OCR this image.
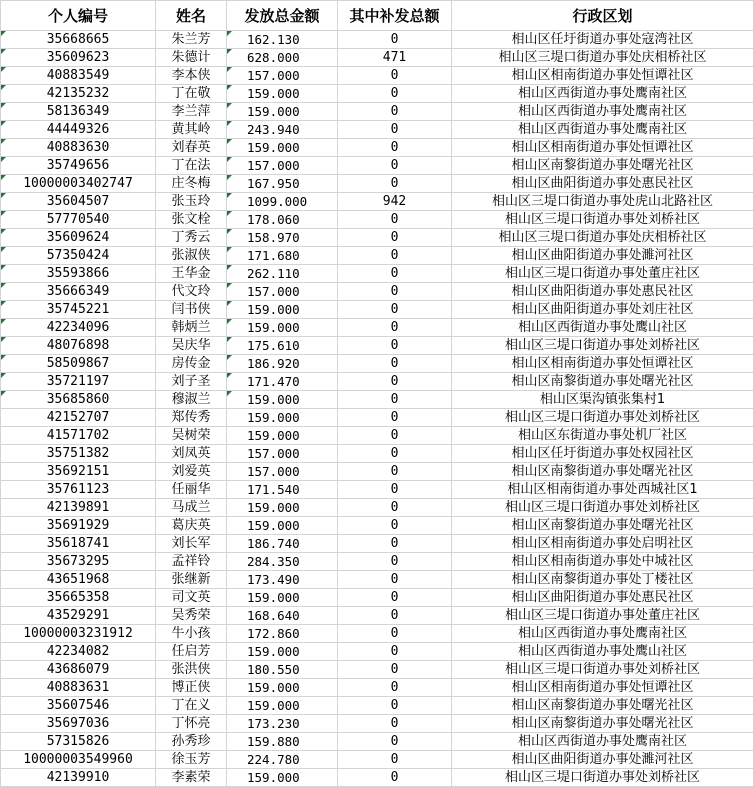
个人编号	姓名	发放总金额	其中补发总额	行政区划
35668665	朱兰芳	162.130	0	相山区任圩街道办事处寇湾社区
35609623	朱德计	628.000	471	相山区三堤口街道办事处庆相桥社区
40883549	李本侠	157.000	0	相山区相南街道办事处恒谭社区
42135232	丁在敬	159.000	0	相山区西街道办事处鹰南社区
58136349	李兰萍	159.000	0	相山区西街道办事处鹰南社区
44449326	黄其岭	243.940	0	相山区西街道办事处鹰南社区
40883630	刘春英	159.000	0	相山区相南街道办事处恒谭社区
35749656	丁在法	157.000	0	相山区南黎街道办事处曙光社区
10000003402747	庄冬梅	167.950	0	相山区曲阳街道办事处惠民社区
35604507	张玉玲	1099.000	942	相山区三堤口街道办事处虎山北路社区
57770540	张文栓	178.060	0	相山区三堤口街道办事处刘桥社区
35609624	丁秀云	158.970	0	相山区三堤口街道办事处庆相桥社区
57350424	张淑侠	171.680	0	相山区曲阳街道办事处濉河社区
35593866	王华金	262.110	0	相山区三堤口街道办事处董庄社区
35666349	代文玲	157.000	0	相山区曲阳街道办事处惠民社区
35745221	闫书侠	159.000	0	相山区曲阳街道办事处刘庄社区
42234096	韩炳兰	159.000	0	相山区西街道办事处鹰山社区
48076898	吴庆华	175.610	0	相山区三堤口街道办事处刘桥社区
58509867	房传金	186.920	0	相山区相南街道办事处恒谭社区
35721197	刘子圣	171.470	0	相山区南黎街道办事处曙光社区
35685860	穆淑兰	159.000	0	相山区渠沟镇张集村1
42152707	郑传秀	159.000	0	相山区三堤口街道办事处刘桥社区
41571702	吴树荣	159.000	0	相山区东街道办事处机厂社区
35751382	刘凤英	157.000	0	相山区任圩街道办事处权园社区
35692151	刘爱英	157.000	0	相山区南黎街道办事处曙光社区
35761123	任丽华	171.540	0	相山区相南街道办事处西城社区1
42139891	马成兰	159.000	0	相山区三堤口街道办事处刘桥社区
35691929	葛庆英	159.000	0	相山区南黎街道办事处曙光社区
35618741	刘长军	186.740	0	相山区相南街道办事处启明社区
35673295	孟祥铃	284.350	0	相山区相南街道办事处中城社区
43651968	张继新	173.490	0	相山区南黎街道办事处丁楼社区
35665358	司文英	159.000	0	相山区曲阳街道办事处惠民社区
43529291	吴秀荣	168.640	0	相山区三堤口街道办事处董庄社区
10000003231912	牛小孩	172.860	0	相山区西街道办事处鹰南社区
42234082	任启芳	159.000	0	相山区西街道办事处鹰山社区
43686079	张洪侠	180.550	0	相山区三堤口街道办事处刘桥社区
40883631	博正侠	159.000	0	相山区相南街道办事处恒谭社区
35607546	丁在义	159.000	0	相山区南黎街道办事处曙光社区
35697036	丁怀亮	173.230	0	相山区南黎街道办事处曙光社区
57315826	孙秀珍	159.880	0	相山区西街道办事处鹰南社区
10000003549960	徐玉芳	224.780	0	相山区曲阳街道办事处濉河社区
42139910	李素荣	159.000	0	相山区三堤口街道办事处刘桥社区
